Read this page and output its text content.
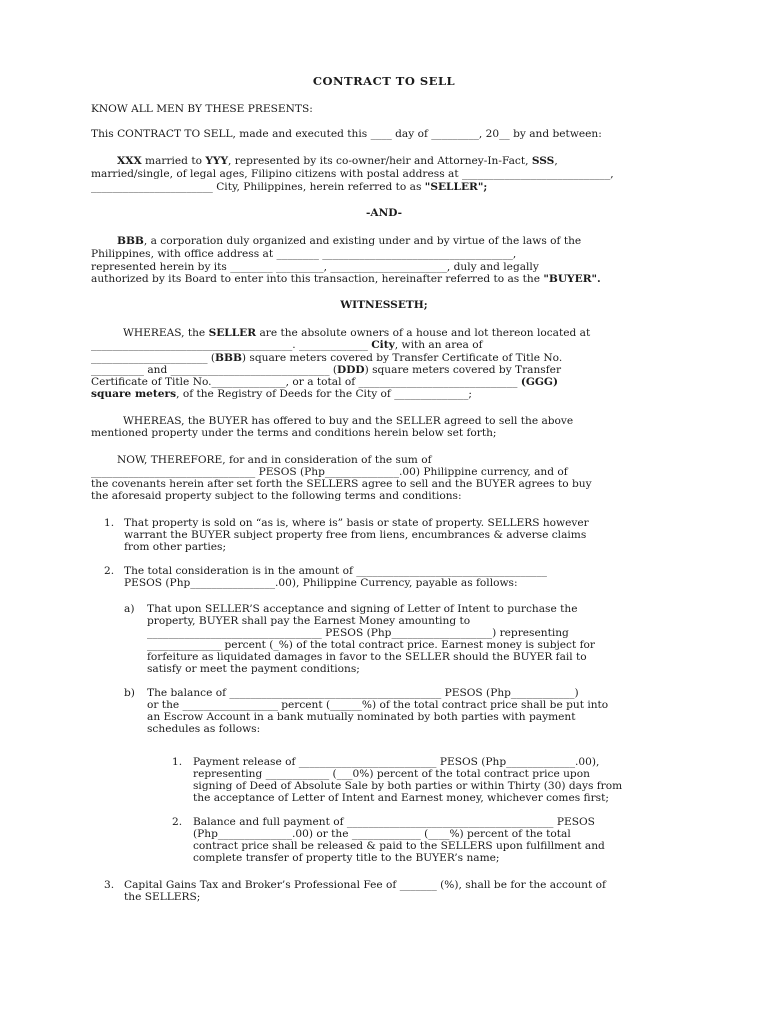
CONTRACT TO SELL
KNOW ALL MEN BY THESE PRESENTS:
This CONTRACT TO SELL, made and executed this ____ day of _________, 20__ by and between:
XXX married to YYY, represented by its co-owner/heir and Attorney-In-Fact, SSS,
married/single, of legal ages, Filipino citizens with postal address at ____________________________,
_______________________ City, Philippines, herein referred to as "SELLER";
-AND-
BBB, a corporation duly organized and existing under and by virtue of the laws of the
Philippines, with office address at ________ ____________________________________,
represented herein by its ________ _________, ______________________, duly and legally
authorized by its Board to enter into this transaction, hereinafter referred to as the "BUYER".
WITNESSETH;
WHEREAS, the SELLER are the absolute owners of a house and lot thereon located at
______________________________________. _____________ City, with an area of
______________________ (BBB) square meters covered by Transfer Certificate of Title No.
__________ and ______________________________ (DDD) square meters covered by Transfer
Certificate of Title No.______________, or a total of ______________________________ (GGG)
square meters, of the Registry of Deeds for the City of ______________;
WHEREAS, the BUYER has offered to buy and the SELLER agreed to sell the above
mentioned property under the terms and conditions herein below set forth;
NOW, THEREFORE, for and in consideration of the sum of
_______________________________ PESOS (Php______________.00) Philippine currency, and of
the covenants herein after set forth the SELLERS agree to sell and the BUYER agrees to buy
the aforesaid property subject to the following terms and conditions:
1. That property is sold on “as is, where is” basis or state of property. SELLERS however
warrant the BUYER subject property free from liens, encumbrances & adverse claims
from other parties;
2. The total consideration is in the amount of ____________________________________
PESOS (Php________________.00), Philippine Currency, payable as follows:
a) That upon SELLER’S acceptance and signing of Letter of Intent to purchase the
property, BUYER shall pay the Earnest Money amounting to
_________________________________ PESOS (Php___________________) representing
______________ percent (_%) of the total contract price. Earnest money is subject for
forfeiture as liquidated damages in favor to the SELLER should the BUYER fail to
satisfy or meet the payment conditions;
b) The balance of ________________________________________ PESOS (Php____________)
or the __________________ percent (______%) of the total contract price shall be put into
an Escrow Account in a bank mutually nominated by both parties with payment
schedules as follows:
1. Payment release of __________________________ PESOS (Php_____________.00),
representing ____________ (___0%) percent of the total contract price upon
signing of Deed of Absolute Sale by both parties or within Thirty (30) days from
the acceptance of Letter of Intent and Earnest money, whichever comes first;
2. Balance and full payment of _______________________________________ PESOS
(Php______________.00) or the _____________ (____%) percent of the total
contract price shall be released & paid to the SELLERS upon fulfillment and
complete transfer of property title to the BUYER’s name;
3. Capital Gains Tax and Broker’s Professional Fee of _______ (%), shall be for the account of
the SELLERS;
